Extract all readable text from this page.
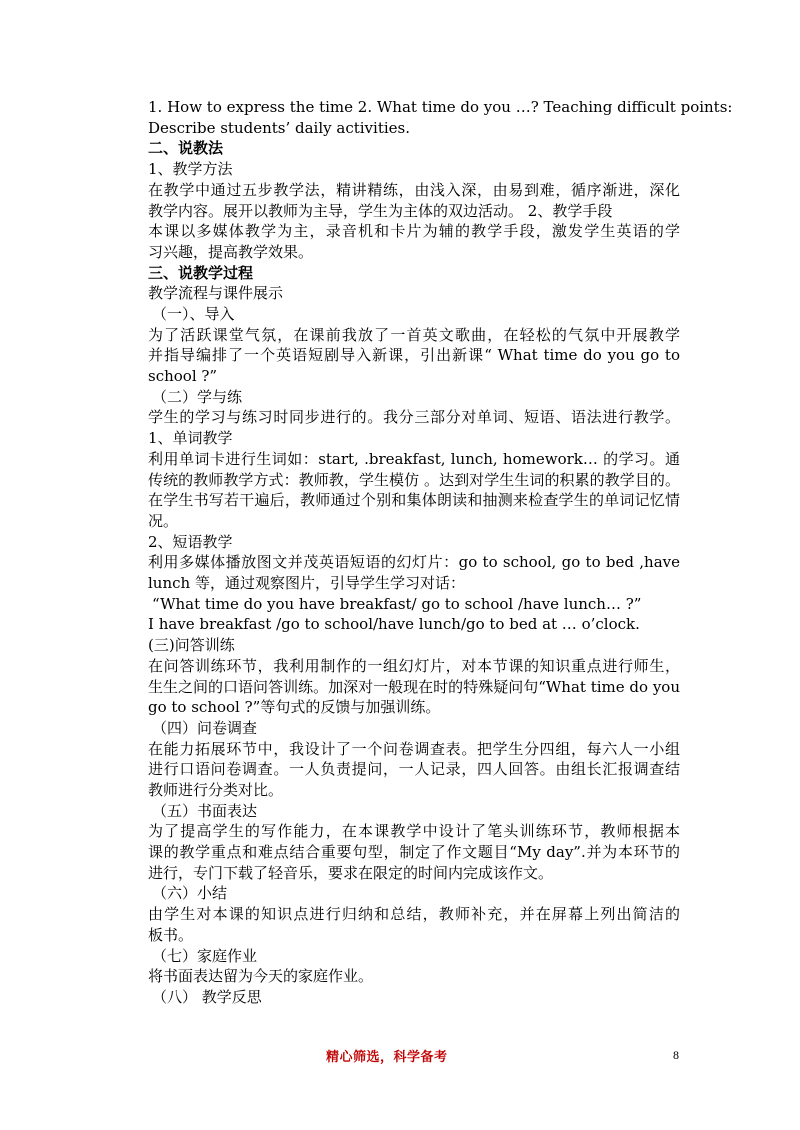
1. How to express the time 2. What time do you …? Teaching difficult points:

Describe students’ daily activities.

二、说教法

1、教学方法

在教学中通过五步教学法，精讲精练，由浅入深，由易到难，循序渐进，深化

教学内容。展开以教师为主导，学生为主体的双边活动。 2、教学手段

本课以多媒体教学为主，录音机和卡片为辅的教学手段，激发学生英语的学

习兴趣，提高教学效果。

三、说教学过程

教学流程与课件展示

（一）、导入

为了活跃课堂气氛，在课前我放了一首英文歌曲，在轻松的气氛中开展教学

并指导编排了一个英语短剧导入新课，引出新课“ What time do you go to

school ?”

（二）学与练

学生的学习与练习时同步进行的。我分三部分对单词、短语、语法进行教学。

1、单词教学

利用单词卡进行生词如：start, .breakfast, lunch, homework… 的学习。通

传统的教师教学方式：教师教，学生模仿 。达到对学生生词的积累的教学目的。

在学生书写若干遍后，教师通过个别和集体朗读和抽测来检查学生的单词记忆情

况。

2、短语教学

利用多媒体播放图文并茂英语短语的幻灯片：go to school, go to bed ,have

lunch 等，通过观察图片，引导学生学习对话：

“What time do you have breakfast/ go to school /have lunch… ?”

I have breakfast /go to school/have lunch/go to bed at … o’clock.

(三)问答训练

在问答训练环节，我利用制作的一组幻灯片，对本节课的知识重点进行师生，

生生之间的口语问答训练。加深对一般现在时的特殊疑问句“What time do you

go to school ?”等句式的反馈与加强训练。

（四）问卷调查

在能力拓展环节中，我设计了一个问卷调查表。把学生分四组，每六人一小组

进行口语问卷调查。一人负责提问，一人记录，四人回答。由组长汇报调查结

教师进行分类对比。

（五）书面表达

为了提高学生的写作能力，在本课教学中设计了笔头训练环节，教师根据本

课的教学重点和难点结合重要句型，制定了作文题目“My day”.并为本环节的

进行，专门下载了轻音乐，要求在限定的时间内完成该作文。

（六）小结

由学生对本课的知识点进行归纳和总结，教师补充，并在屏幕上列出简洁的

板书。

（七）家庭作业

将书面表达留为今天的家庭作业。

（八） 教学反思

精心筛选，科学备考	8
